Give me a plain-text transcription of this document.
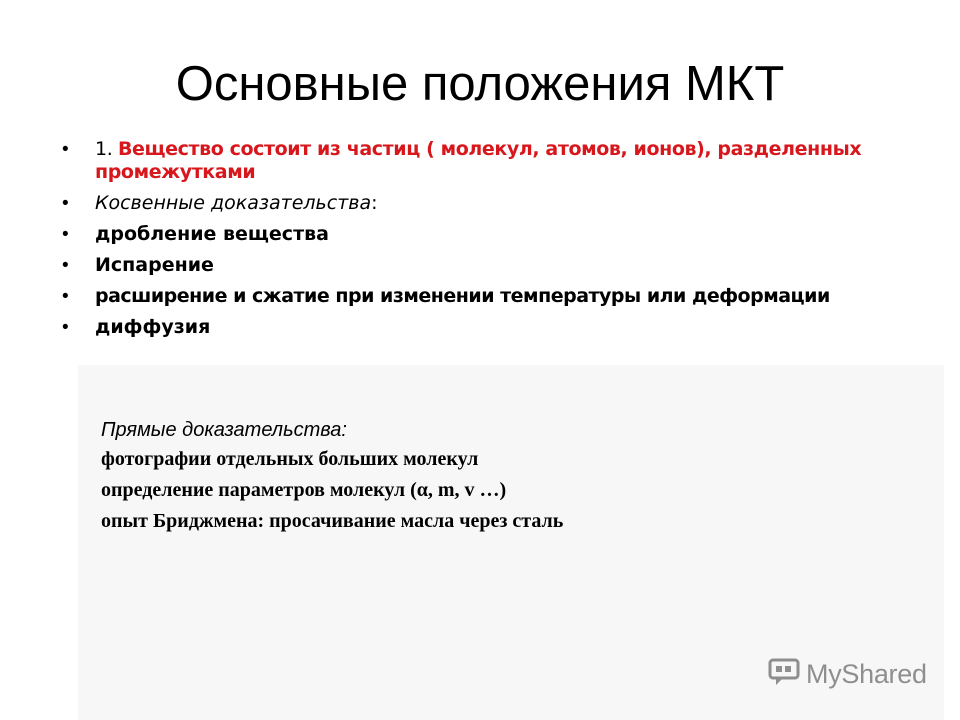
Основные положения МКТ
• 1. Вещество состоит из частиц ( молекул, атомов, ионов), разделенных промежутками
• Косвенные доказательства:
• дробление вещества
• Испарение
• расширение и сжатие при изменении температуры или деформации
• диффузия
Прямые доказательства:
фотографии отдельных больших молекул
определение параметров молекул (α, m, v …)
опыт Бриджмена: просачивание масла через сталь
MyShared
